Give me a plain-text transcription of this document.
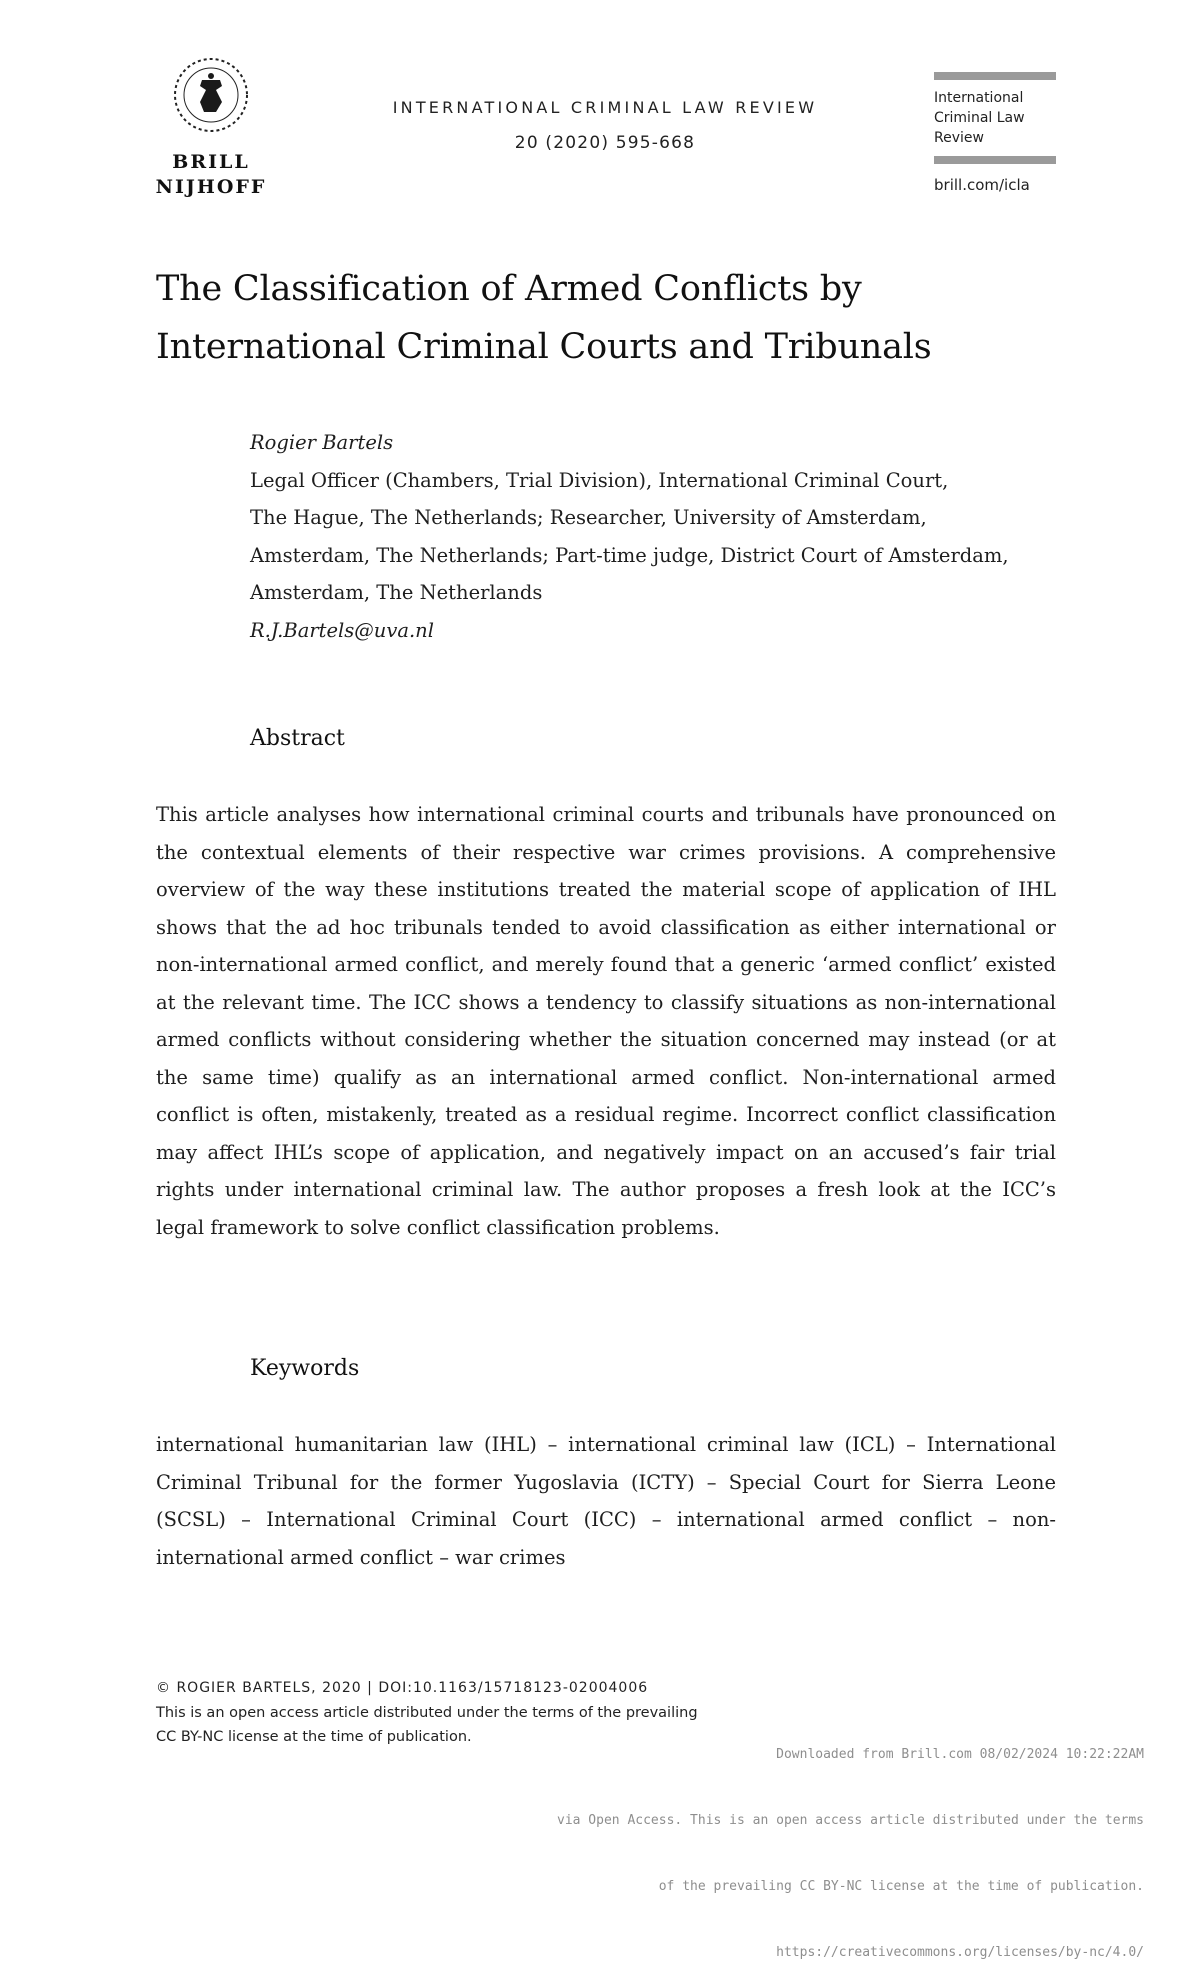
BRILL
NIJHOFF
INTERNATIONAL CRIMINAL LAW REVIEW
20 (2020) 595-668
International
Criminal Law
Review
brill.com/icla
The Classification of Armed Conflicts by
International Criminal Courts and Tribunals
Rogier Bartels
Legal Officer (Chambers, Trial Division), International Criminal Court,
The Hague, The Netherlands; Researcher, University of Amsterdam,
Amsterdam, The Netherlands; Part-time judge, District Court of Amsterdam,
Amsterdam, The Netherlands
R.J.Bartels@uva.nl
Abstract
This article analyses how international criminal courts and tribunals have pronounced on the contextual elements of their respective war crimes provisions. A comprehensive overview of the way these institutions treated the material scope of application of IHL shows that the ad hoc tribunals tended to avoid classification as either international or non-international armed conflict, and merely found that a generic ‘armed conflict’ existed at the relevant time. The ICC shows a tendency to classify situations as non-international armed conflicts without considering whether the situation concerned may instead (or at the same time) qualify as an international armed conflict. Non-international armed conflict is often, mistakenly, treated as a residual regime. Incorrect conflict classification may affect IHL’s scope of application, and negatively impact on an accused’s fair trial rights under international criminal law. The author proposes a fresh look at the ICC’s legal framework to solve conflict classification problems.
Keywords
international humanitarian law (IHL) – international criminal law (ICL) – International Criminal Tribunal for the former Yugoslavia (ICTY) – Special Court for Sierra Leone (SCSL) – International Criminal Court (ICC) – international armed conflict – non-international armed conflict – war crimes
© ROGIER BARTELS, 2020 | DOI:10.1163/15718123-02004006
This is an open access article distributed under the terms of the prevailing CC BY-NC license at the time of publication.

Downloaded from Brill.com 08/02/2024 10:22:22AM

via Open Access. This is an open access article distributed under the terms

of the prevailing CC BY-NC license at the time of publication.

https://creativecommons.org/licenses/by-nc/4.0/
